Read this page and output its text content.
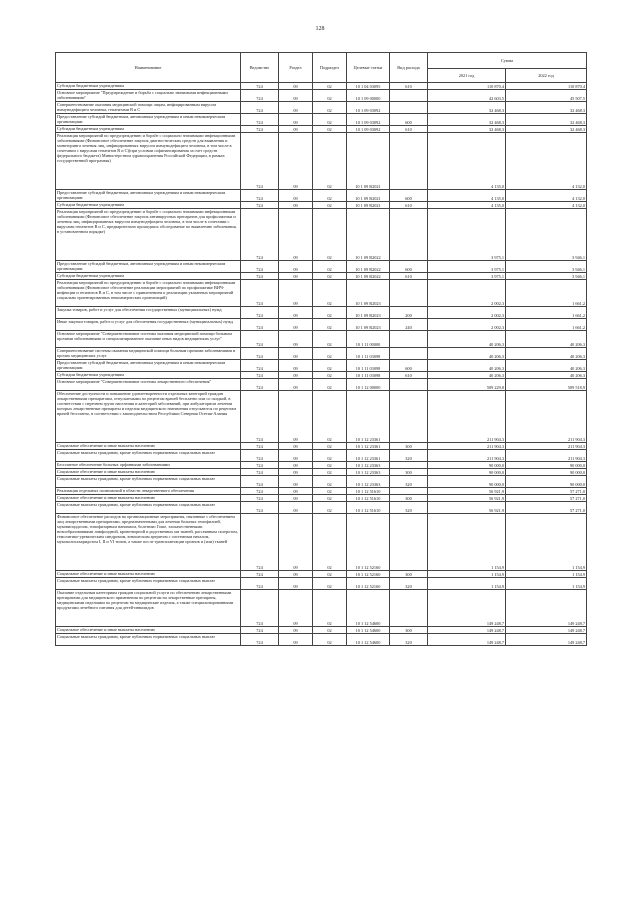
128
Наименование	Ведомство	Раздел	Подраздел	Целевые статьи	Вид расхода	Сумма	
						2021 год	2022 год
Субсидии бюджетным учреждениям	724	09	02	10 1 04 03095	610	110 870,4	110 870,4
Основное мероприятие "Предупреждение и борьба с социально значимыми инфекционными заболеваниями"	724	09	02	10 1 09 00000		42 603,5	45 507,5
Совершенствование оказания медицинской помощи лицам, инфицированным вирусом иммунодефицита человека, гепатитами В и С	724	09	02	10 1 09 03092		32 468,3	32 468,3
Предоставление субсидий бюджетным, автономным учреждениям и иным некоммерческим организациям	724	09	02	10 1 09 03092	600	32 468,3	32 468,3
Субсидии бюджетным учреждениям	724	09	02	10 1 09 03092	610	32 468,3	32 468,3
Реализация мероприятий по предупреждению и борьбе с социально значимыми инфекционными заболеваниями (Финансовое обеспечение закупок диагностических средств для выявления и мониторинга лечения лиц, инфицированных вирусом иммунодефицита человека, в том числе в сочетании с вирусами гепатитов В и С)(при условии софинансирования за счет средств федерального бюджета) Министерством здравоохранения Российской Федерации, в рамках государственной программы)	724	09	02	10 1 09 R2021		4 135,0	4 132,0
Предоставление субсидий бюджетным, автономным учреждениям и иным некоммерческим организациям	724	09	02	10 1 09 R2021	600	4 135,0	4 132,0
Субсидии бюджетным учреждениям	724	09	02	10 1 09 R2021	610	4 135,0	4 132,0
Реализация мероприятий по предупреждению и борьбе с социально значимыми инфекционными заболеваниями (Финансовое обеспечение закупок антивирусных препаратов для профилактики и лечения лиц, инфицированных вирусом иммунодефицита человека, в том числе в сочетании с вирусами гепатитов В и С, предварительно прошедших обследование по выявлению заболевания, в установленном порядке)	724	09	02	10 1 09 R2022		3 975,1	3 946,1
Предоставление субсидий бюджетным, автономным учреждениям и иным некоммерческим организациям	724	09	02	10 1 09 R2022	600	3 975,1	3 946,1
Субсидии бюджетным учреждениям	724	09	02	10 1 09 R2022	610	3 975,1	3 946,1
Реализация мероприятий по предупреждению и борьбе с социально значимыми инфекционными заболеваниями (Финансовое обеспечение реализации мероприятий по профилактике ВИЧ-инфекции и гепатитов В и С, в том числе с привлечением к реализации указанных мероприятий социально ориентированных некоммерческих организаций)	724	09	02	10 1 09 R2023		2 002,3	1 661,2
Закупка товаров, работ и услуг для обеспечения государственных (муниципальных) нужд	724	09	02	10 1 09 R2023	200	2 002,3	1 661,2
Иные закупки товаров, работ и услуг для обеспечения государственных (муниципальных) нужд	724	09	02	10 1 09 R2023	240	2 002,3	1 661,2
Основное мероприятие "Совершенствование системы оказания медицинской помощи больным прочими заболеваниями и специализированное оказание иных видов медицинских услуг"	724	09	02	10 1 11 00000		40 206,3	40 206,3
Совершенствование системы оказания медицинской помощи больным прочими заболеваниями и прочих медицинских услуг	724	09	02	10 1 11 03098		40 206,3	40 206,3
Предоставление субсидий бюджетным, автономным учреждениям и иным некоммерческим организациям	724	09	02	10 1 11 03098	600	40 206,3	40 206,3
Субсидии бюджетным учреждениям	724	09	02	10 1 11 03098	610	40 206,3	40 206,3
Основное мероприятие "Совершенствование системы лекарственного обеспечения"	724	09	02	10 1 12 00000		509 229,8	509 518,9
Обеспечение доступности и повышение удовлетворенности отдельных категорий граждан лекарственными препаратами, отпускаемыми по рецептам врачей бесплатно или со скидкой, в соответствии с перечнем групп населения и категорий заболеваний, при амбулаторном лечении которых лекарственные препараты и изделия медицинского назначения отпускаются по рецептам врачей бесплатно, в соответствии с законодательством Республики Северная Осетия-Алания	724	09	02	10 1 12 23361		211 904,3	211 904,3
Социальное обеспечение и иные выплаты населению	724	09	02	10 1 12 23361	300	211 904,3	211 904,3
Социальные выплаты гражданам, кроме публичных нормативных социальных выплат	724	09	02	10 1 12 23361	320	211 904,3	211 904,3
Бесплатное обеспечение больных орфанными заболеваниями	724	09	02	10 1 12 23363		90 000,0	90 000,0
Социальное обеспечение и иные выплаты населению	724	09	02	10 1 12 23363	300	90 000,0	90 000,0
Социальные выплаты гражданам, кроме публичных нормативных социальных выплат	724	09	02	10 1 12 23363	320	90 000,0	90 000,0
Реализация отдельных полномочий в области лекарственного обеспечения	724	09	02	10 1 12 51610		56 921,9	57 271,0
Социальное обеспечение и иные выплаты населению	724	09	02	10 1 12 51610	300	56 921,9	57 271,0
Социальные выплаты гражданам, кроме публичных нормативных социальных выплат	724	09	02	10 1 12 51610	320	56 921,9	57 271,0
Финансовое обеспечение расходов на организационные мероприятия, связанные с обеспечением лиц лекарственными препаратами, предназначенными для лечения больных гемофилией, муковисцидозом, гипофизарным нанизмом, болезнью Гоше, злокачественными новообразованиями лимфоидной, кроветворной и родственных им тканей, рассеянным склерозом, гемолитико-уремическим синдромом, юношеским артритом с системным началом, мукополисахаридозом I, II и VI типов, а также после трансплантации органов и (или) тканей	724	09	02	10 1 12 52160		1 154,9	1 154,9
Социальное обеспечение и иные выплаты населению	724	09	02	10 1 12 52160	300	1 154,9	1 154,9
Социальные выплаты гражданам, кроме публичных нормативных социальных выплат	724	09	02	10 1 12 52160	320	1 154,9	1 154,9
Оказание отдельным категориям граждан социальной услуги по обеспечению лекарственными препаратами для медицинского применения по рецептам на лекарственные препараты, медицинскими изделиями по рецептам на медицинские изделия, а также специализированными продуктами лечебного питания для детей-инвалидов	724	09	02	10 1 12 54600		149 248,7	149 248,7
Социальное обеспечение и иные выплаты населению	724	09	02	10 1 12 54600	300	149 248,7	149 248,7
Социальные выплаты гражданам, кроме публичных нормативных социальных выплат	724	09	02	10 1 12 54600	320	149 248,7	149 248,7
